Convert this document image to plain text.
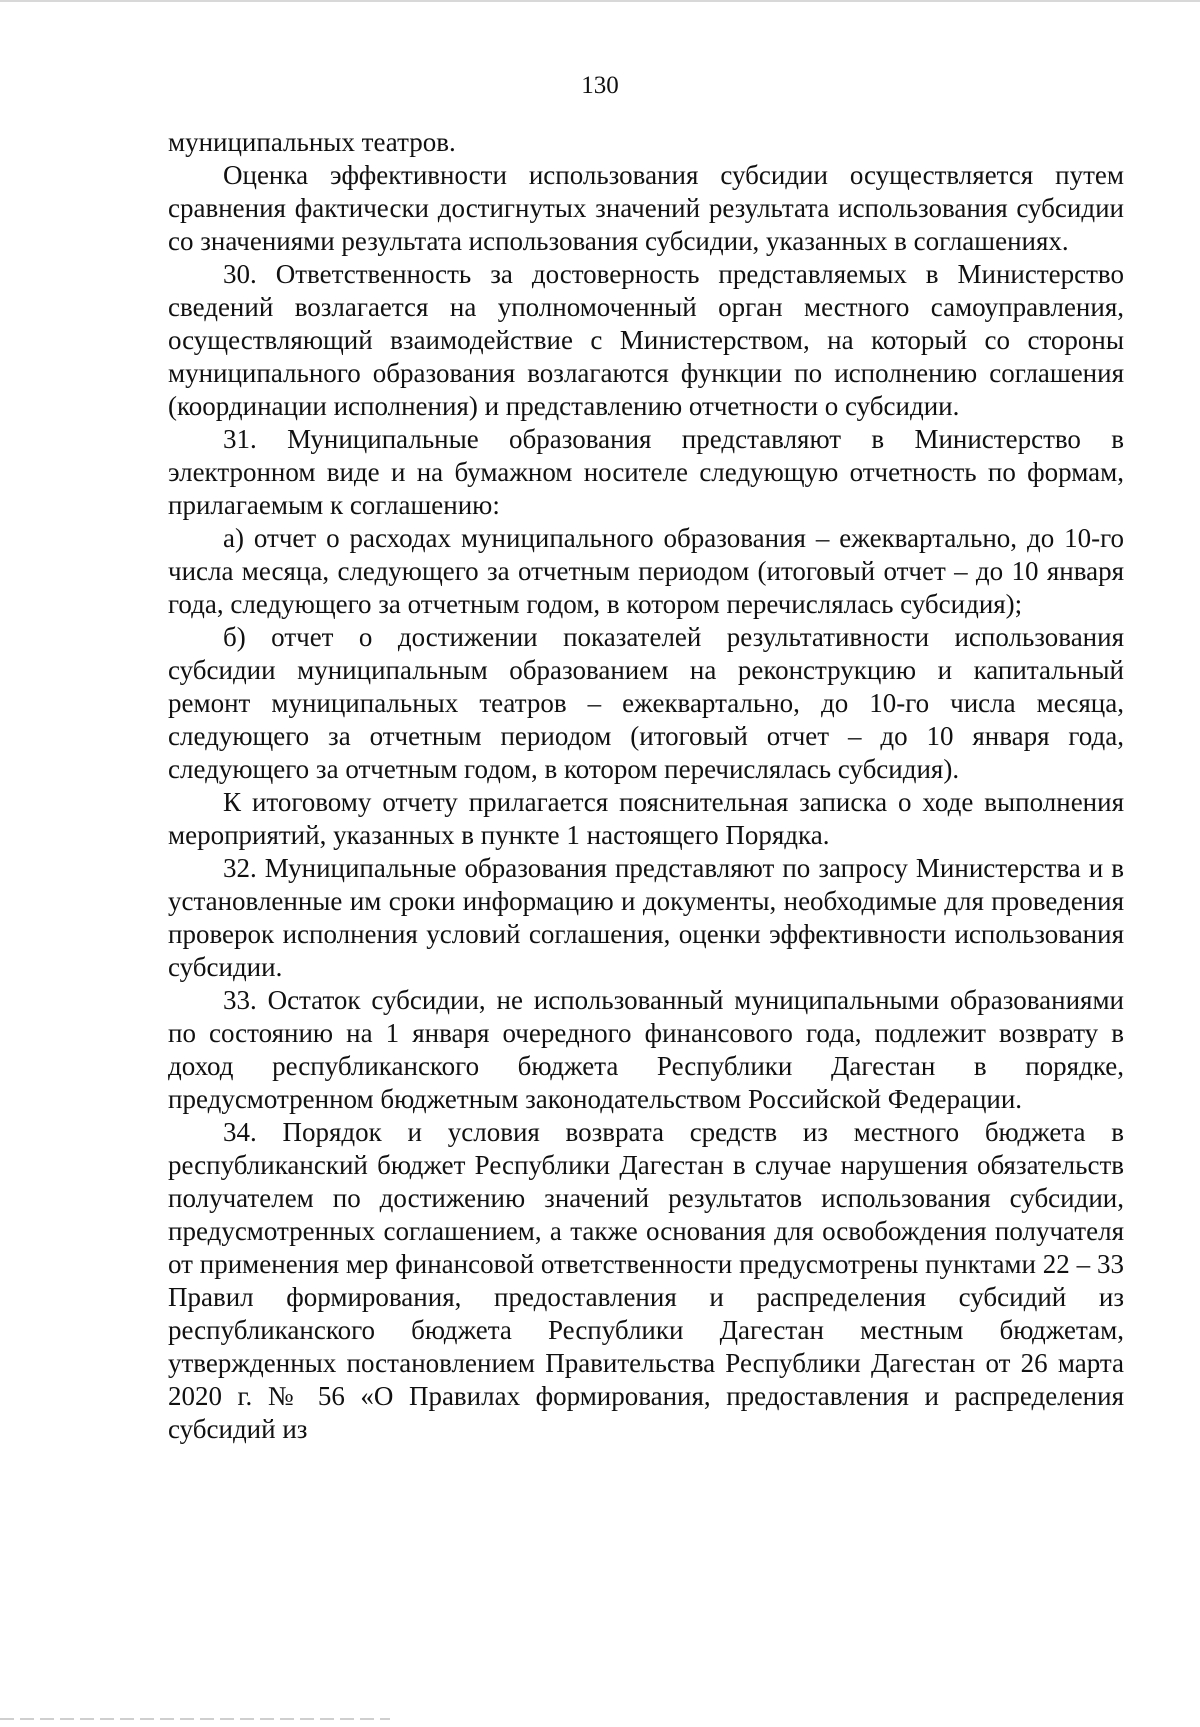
130

муниципальных театров.

Оценка эффективности использования субсидии осуществляется путем сравнения фактически достигнутых значений результата использования субсидии со значениями результата использования субсидии, указанных в соглашениях.

30. Ответственность за достоверность представляемых в Министерство сведений возлагается на уполномоченный орган местного самоуправления, осуществляющий взаимодействие с Министерством, на который со стороны муниципального образования возлагаются функции по исполнению соглашения (координации исполнения) и представлению отчетности о субсидии.

31. Муниципальные образования представляют в Министерство в электронном виде и на бумажном носителе следующую отчетность по формам, прилагаемым к соглашению:

а) отчет о расходах муниципального образования – ежеквартально, до 10-го числа месяца, следующего за отчетным периодом (итоговый отчет – до 10 января года, следующего за отчетным годом, в котором перечислялась субсидия);

б) отчет о достижении показателей результативности использования субсидии муниципальным образованием на реконструкцию и капитальный ремонт муниципальных театров – ежеквартально, до 10-го числа месяца, следующего за отчетным периодом (итоговый отчет – до 10 января года, следующего за отчетным годом, в котором перечислялась субсидия).

К итоговому отчету прилагается пояснительная записка о ходе выполнения мероприятий, указанных в пункте 1 настоящего Порядка.

32. Муниципальные образования представляют по запросу Министерства и в установленные им сроки информацию и документы, необходимые для проведения проверок исполнения условий соглашения, оценки эффективности использования субсидии.

33. Остаток субсидии, не использованный муниципальными образованиями по состоянию на 1 января очередного финансового года, подлежит возврату в доход республиканского бюджета Республики Дагестан в порядке, предусмотренном бюджетным законодательством Российской Федерации.

34. Порядок и условия возврата средств из местного бюджета в республиканский бюджет Республики Дагестан в случае нарушения обязательств получателем по достижению значений результатов использования субсидии, предусмотренных соглашением, а также основания для освобождения получателя от применения мер финансовой ответственности предусмотрены пунктами 22 – 33 Правил формирования, предоставления и распределения субсидий из республиканского бюджета Республики Дагестан местным бюджетам, утвержденных постановлением Правительства Республики Дагестан от 26 марта 2020 г. № 56 «О Правилах формирования, предоставления и распределения субсидий из
